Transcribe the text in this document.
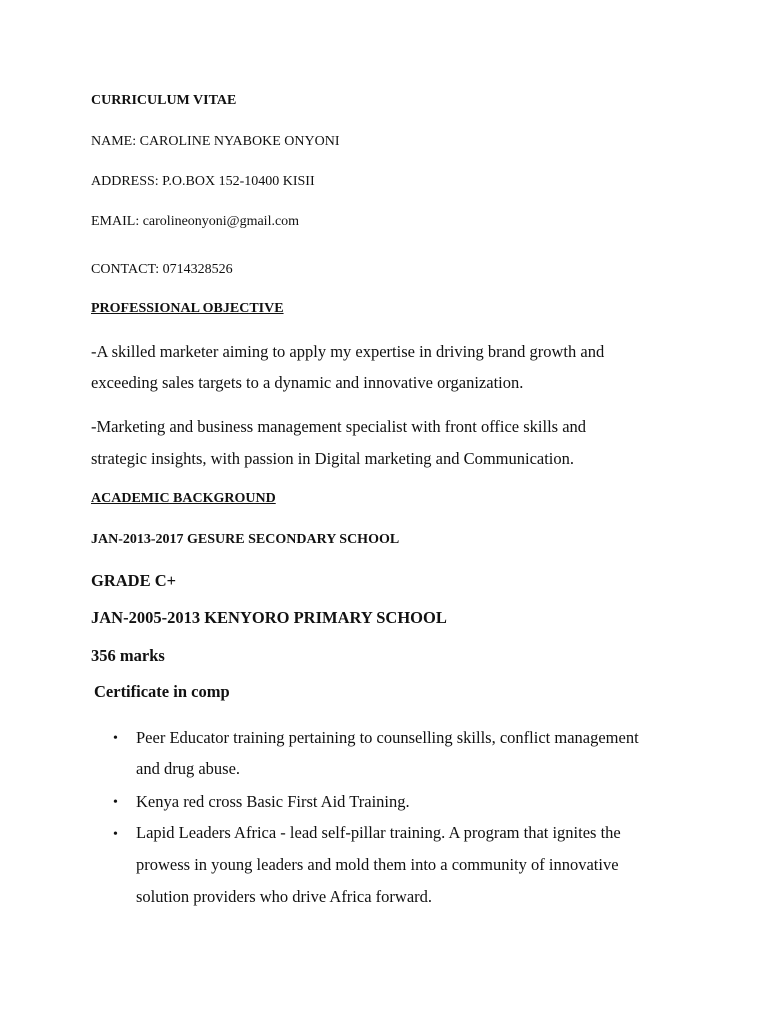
CURRICULUM VITAE
NAME: CAROLINE NYABOKE ONYONI
ADDRESS: P.O.BOX 152-10400 KISII
EMAIL: carolineonyoni@gmail.com
CONTACT: 0714328526
PROFESSIONAL OBJECTIVE
-A skilled marketer aiming to apply my expertise in driving brand growth and
exceeding sales targets to a dynamic and innovative organization.
-Marketing and business management specialist with front office skills and
strategic insights, with passion in Digital marketing and Communication.
ACADEMIC BACKGROUND
JAN-2013-2017 GESURE SECONDARY SCHOOL
GRADE C+
JAN-2005-2013 KENYORO PRIMARY SCHOOL
356 marks
Certificate in comp
• Peer Educator training pertaining to counselling skills, conflict management
and drug abuse.
• Kenya red cross Basic First Aid Training.
• Lapid Leaders Africa - lead self-pillar training. A program that ignites the
prowess in young leaders and mold them into a community of innovative
solution providers who drive Africa forward.
